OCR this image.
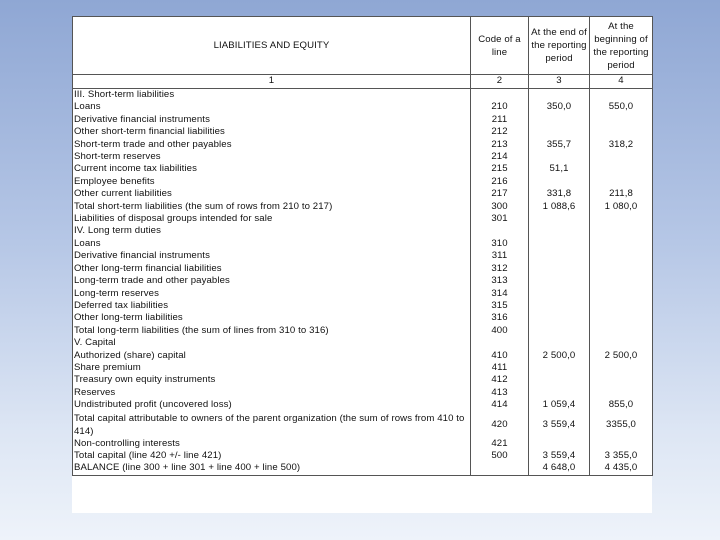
LIABILITIES AND EQUITY	Code of a line	At the end of the reporting period	At the beginning of the reporting period
1	2	3	4
III. Short-term liabilities			
Loans	210	350,0	550,0
Derivative financial instruments	211		
Other short-term financial liabilities	212		
Short-term trade and other payables	213	355,7	318,2
Short-term reserves	214		
Current income tax liabilities	215	51,1	
Employee benefits	216		
Other current liabilities	217	331,8	211,8
Total short-term liabilities (the sum of rows from 210 to 217)	300	1 088,6	1 080,0
Liabilities of disposal groups intended for sale	301		
IV. Long term duties			
Loans	310		
Derivative financial instruments	311		
Other long-term financial liabilities	312		
Long-term trade and other payables	313		
Long-term reserves	314		
Deferred tax liabilities	315		
Other long-term liabilities	316		
Total long-term liabilities (the sum of lines from 310 to 316)	400		
V. Capital			
Authorized (share) capital	410	2 500,0	2 500,0
Share premium	411		
Treasury own equity instruments	412		
Reserves	413		
Undistributed profit (uncovered loss)	414	1 059,4	855,0
Total capital attributable to owners of the parent organization (the sum of rows from 410 to 414)	420	3 559,4	3355,0
Non-controlling interests	421		
Total capital (line 420 +/- line 421)	500	3 559,4	3 355,0
BALANCE (line 300 + line 301 + line 400 + line 500)		4 648,0	4 435,0
